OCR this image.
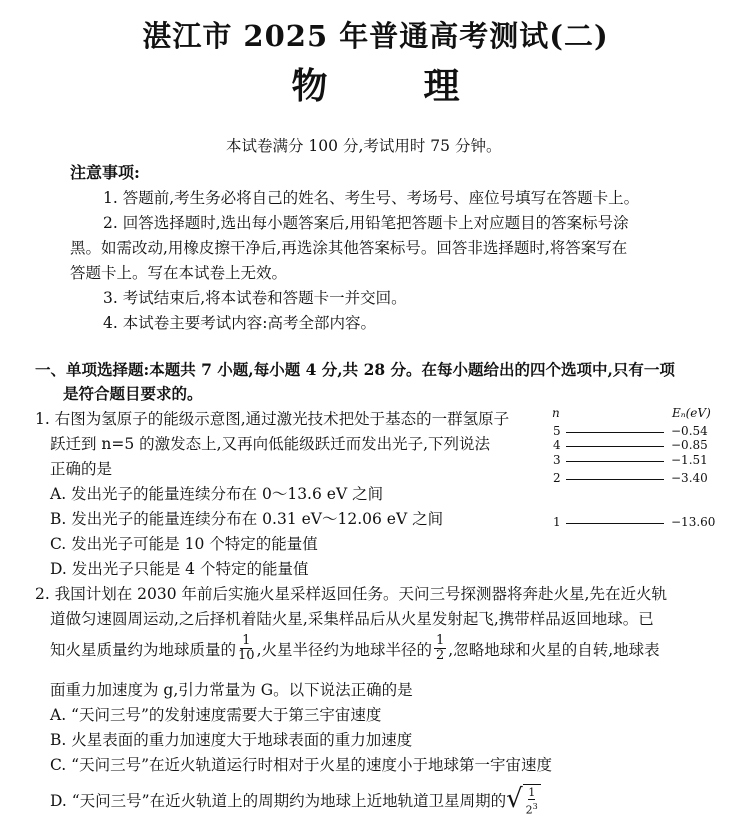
湛江市 2025 年普通高考测试(二)
物	理
本试卷满分 100 分,考试用时 75 分钟。
注意事项:
1. 答题前,考生务必将自己的姓名、考生号、考场号、座位号填写在答题卡上。
2. 回答选择题时,选出每小题答案后,用铅笔把答题卡上对应题目的答案标号涂
黑。如需改动,用橡皮擦干净后,再选涂其他答案标号。回答非选择题时,将答案写在
答题卡上。写在本试卷上无效。
3. 考试结束后,将本试卷和答题卡一并交回。
4. 本试卷主要考试内容:高考全部内容。
一、单项选择题:本题共 7 小题,每小题 4 分,共 28 分。在每小题给出的四个选项中,只有一项
是符合题目要求的。
1. 右图为氢原子的能级示意图,通过激光技术把处于基态的一群氢原子
跃迁到 n=5 的激发态上,又再向低能级跃迁而发出光子,下列说法
正确的是
A. 发出光子的能量连续分布在 0～13.6 eV 之间
B. 发出光子的能量连续分布在 0.31 eV～12.06 eV 之间
C. 发出光子可能是 10 个特定的能量值
D. 发出光子只能是 4 个特定的能量值
n	Eₙ(eV)
5	−0.54
4	−0.85
3	−1.51
2	−3.40
1	−13.60
2. 我国计划在 2030 年前后实施火星采样返回任务。天问三号探测器将奔赴火星,先在近火轨
道做匀速圆周运动,之后择机着陆火星,采集样品后从火星发射起飞,携带样品返回地球。已
知火星质量约为地球质量的 $\frac{1}{10}$ ,火星半径约为地球半径的 $\frac{1}{2}$ ,忽略地球和火星的自转,地球表
面重力加速度为 g,引力常量为 G。以下说法正确的是
A. “天问三号”的发射速度需要大于第三宇宙速度
B. 火星表面的重力加速度大于地球表面的重力加速度
C. “天问三号”在近火轨道运行时相对于火星的速度小于地球第一宇宙速度
D. “天问三号”在近火轨道上的周期约为地球上近地轨道卫星周期的 √ $\frac{1}{2^3}$
